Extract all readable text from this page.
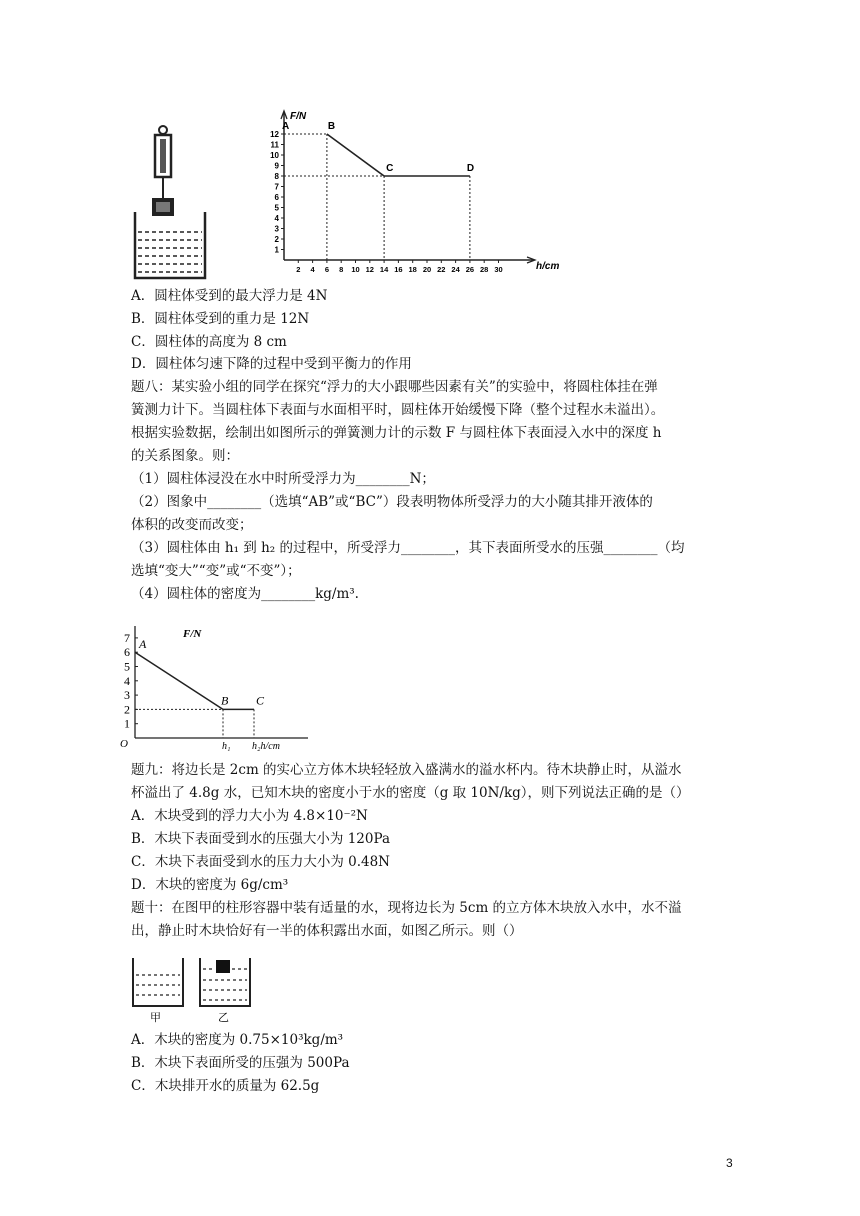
F/N
h/cm
1
2
3
4
5
6
7
8
9
10
11
12
2 4 6 8 10 12 14 16 18 20 22 24 26 28 30
A	B
C	D
A．圆柱体受到的最大浮力是 4N
B．圆柱体受到的重力是 12N
C．圆柱体的高度为 8 cm
D．圆柱体匀速下降的过程中受到平衡力的作用
题八：某实验小组的同学在探究“浮力的大小跟哪些因素有关”的实验中，将圆柱体挂在弹
簧测力计下。当圆柱体下表面与水面相平时，圆柱体开始缓慢下降（整个过程水未溢出）。
根据实验数据，绘制出如图所示的弹簧测力计的示数 F 与圆柱体下表面浸入水中的深度 h
的关系图象。则：
（1）圆柱体浸没在水中时所受浮力为________N；
（2）图象中________（选填“AB”或“BC”）段表明物体所受浮力的大小随其排开液体的
体积的改变而改变；
（3）圆柱体由 h₁ 到 h₂ 的过程中，所受浮力________，其下表面所受水的压强________（均
选填“变大”“变”或“不变”）；
（4）圆柱体的密度为________kg/m³.
O
F/N
1
2
3
4
5
6
7
h₁ h₂h/cm
A
B C
题九：将边长是 2cm 的实心立方体木块轻轻放入盛满水的溢水杯内。待木块静止时，从溢水
杯溢出了 4.8g 水，已知木块的密度小于水的密度（g 取 10N/kg），则下列说法正确的是（）
A．木块受到的浮力大小为 4.8×10⁻²N
B．木块下表面受到水的压强大小为 120Pa
C．木块下表面受到水的压力大小为 0.48N
D．木块的密度为 6g/cm³
题十：在图甲的柱形容器中装有适量的水，现将边长为 5cm 的立方体木块放入水中，水不溢
出，静止时木块恰好有一半的体积露出水面，如图乙所示。则（）
甲	乙
A．木块的密度为 0.75×10³kg/m³
B．木块下表面所受的压强为 500Pa
C．木块排开水的质量为 62.5g
3
